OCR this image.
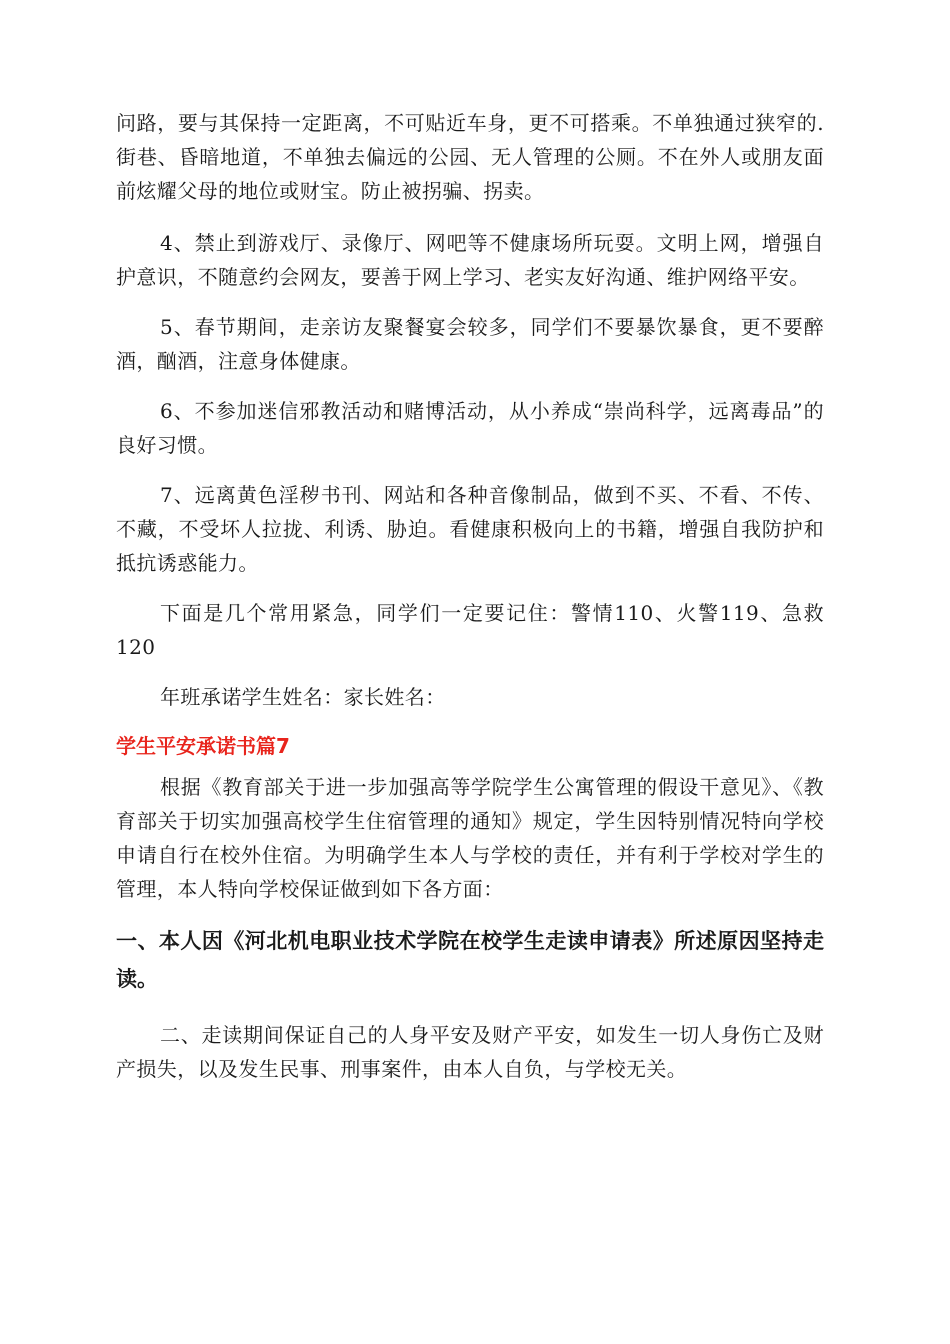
问路，要与其保持一定距离，不可贴近车身，更不可搭乘。不单独通过狭窄的.街巷、昏暗地道，不单独去偏远的公园、无人管理的公厕。不在外人或朋友面前炫耀父母的地位或财宝。防止被拐骗、拐卖。

4、禁止到游戏厅、录像厅、网吧等不健康场所玩耍。文明上网，增强自护意识，不随意约会网友，要善于网上学习、老实友好沟通、维护网络平安。

5、春节期间，走亲访友聚餐宴会较多，同学们不要暴饮暴食，更不要醉酒，酗酒，注意身体健康。

6、不参加迷信邪教活动和赌博活动，从小养成“崇尚科学，远离毒品”的良好习惯。

7、远离黄色淫秽书刊、网站和各种音像制品，做到不买、不看、不传、不藏，不受坏人拉拢、利诱、胁迫。看健康积极向上的书籍，增强自我防护和抵抗诱惑能力。

下面是几个常用紧急，同学们一定要记住：警情110、火警119、急救120

年班承诺学生姓名：家长姓名：

学生平安承诺书篇7

根据《教育部关于进一步加强高等学院学生公寓管理的假设干意见》、《教育部关于切实加强高校学生住宿管理的通知》规定，学生因特别情况特向学校申请自行在校外住宿。为明确学生本人与学校的责任，并有利于学校对学生的管理，本人特向学校保证做到如下各方面：

一、本人因《河北机电职业技术学院在校学生走读申请表》所述原因坚持走读。

二、走读期间保证自己的人身平安及财产平安，如发生一切人身伤亡及财产损失，以及发生民事、刑事案件，由本人自负，与学校无关。
